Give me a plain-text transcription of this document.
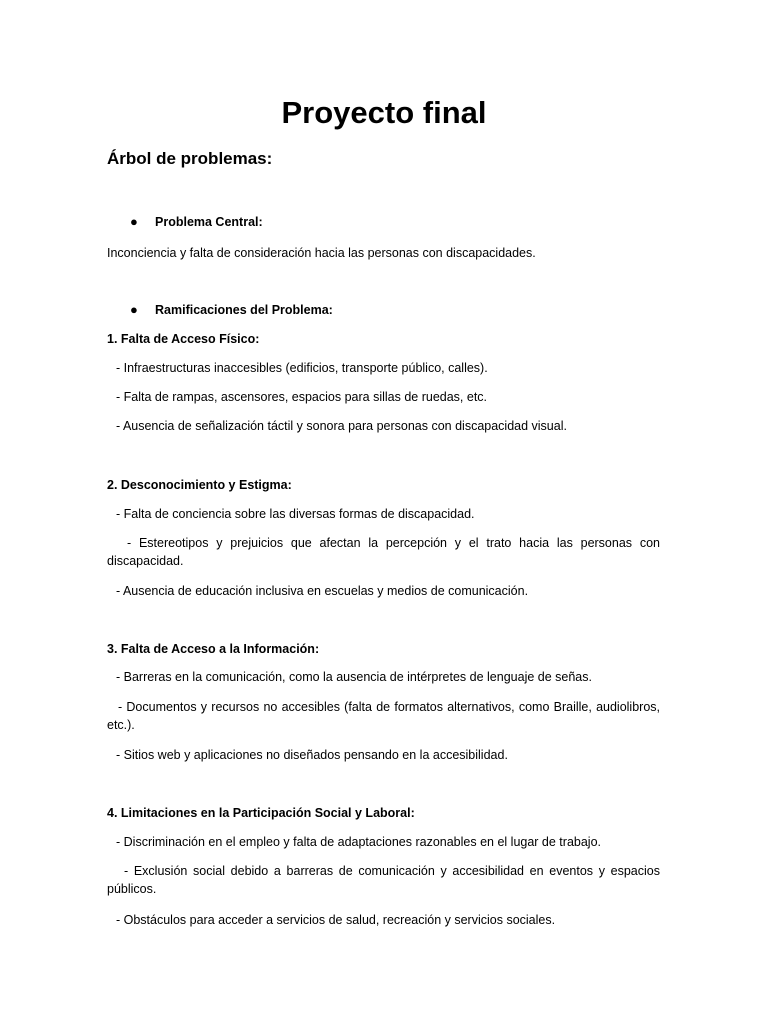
Proyecto final
Árbol de problemas:
● Problema Central:
Inconciencia y falta de consideración hacia las personas con discapacidades.
● Ramificaciones del Problema:
1. Falta de Acceso Físico:
- Infraestructuras inaccesibles (edificios, transporte público, calles).
- Falta de rampas, ascensores, espacios para sillas de ruedas, etc.
- Ausencia de señalización táctil y sonora para personas con discapacidad visual.
2. Desconocimiento y Estigma:
- Falta de conciencia sobre las diversas formas de discapacidad.
- Estereotipos y prejuicios que afectan la percepción y el trato hacia las personas con discapacidad.
- Ausencia de educación inclusiva en escuelas y medios de comunicación.
3. Falta de Acceso a la Información:
- Barreras en la comunicación, como la ausencia de intérpretes de lenguaje de señas.
- Documentos y recursos no accesibles (falta de formatos alternativos, como Braille, audiolibros, etc.).
- Sitios web y aplicaciones no diseñados pensando en la accesibilidad.
4. Limitaciones en la Participación Social y Laboral:
- Discriminación en el empleo y falta de adaptaciones razonables en el lugar de trabajo.
- Exclusión social debido a barreras de comunicación y accesibilidad en eventos y espacios públicos.
- Obstáculos para acceder a servicios de salud, recreación y servicios sociales.
